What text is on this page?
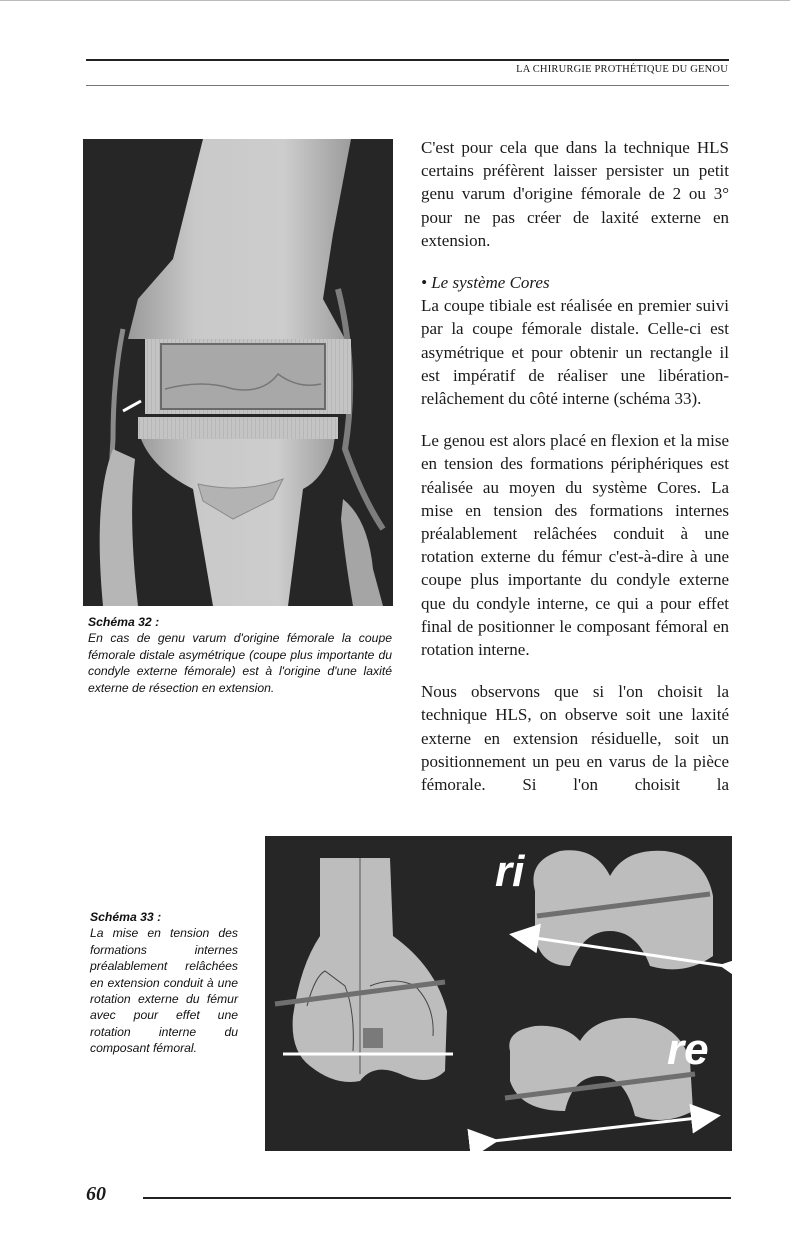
LA CHIRURGIE PROTHÉTIQUE DU GENOU
Schéma 32 :
En cas de genu varum d'origine fémorale la coupe fémorale distale asymétrique (coupe plus importante du condyle externe fémorale) est à l'origine d'une laxité externe de résection en extension.

C'est pour cela que dans la technique HLS certains préfèrent laisser persister un petit genu varum d'origine fémorale de 2 ou 3° pour ne pas créer de laxité externe en extension.

• Le système Cores
La coupe tibiale est réalisée en premier suivi par la coupe fémorale distale. Celle-ci est asymétrique et pour obtenir un rectangle il est impératif de réaliser une libération-relâchement du côté interne (schéma 33).

Le genou est alors placé en flexion et la mise en tension des formations périphériques est réalisée au moyen du système Cores. La mise en tension des formations internes préalablement relâchées conduit à une rotation externe du fémur c'est-à-dire à une coupe plus importante du condyle externe que du condyle interne, ce qui a pour effet final de positionner le composant fémoral en rotation interne.

Nous observons que si l'on choisit la technique HLS, on observe soit une laxité externe en extension résiduelle, soit un positionnement un peu en varus de la pièce fémorale. Si l'on choisit la

Schéma 33 :
La mise en tension des formations internes préalablement relâchées en extension conduit à une rotation externe du fémur avec pour effet une rotation interne du composant fémoral.
ri
re
60
